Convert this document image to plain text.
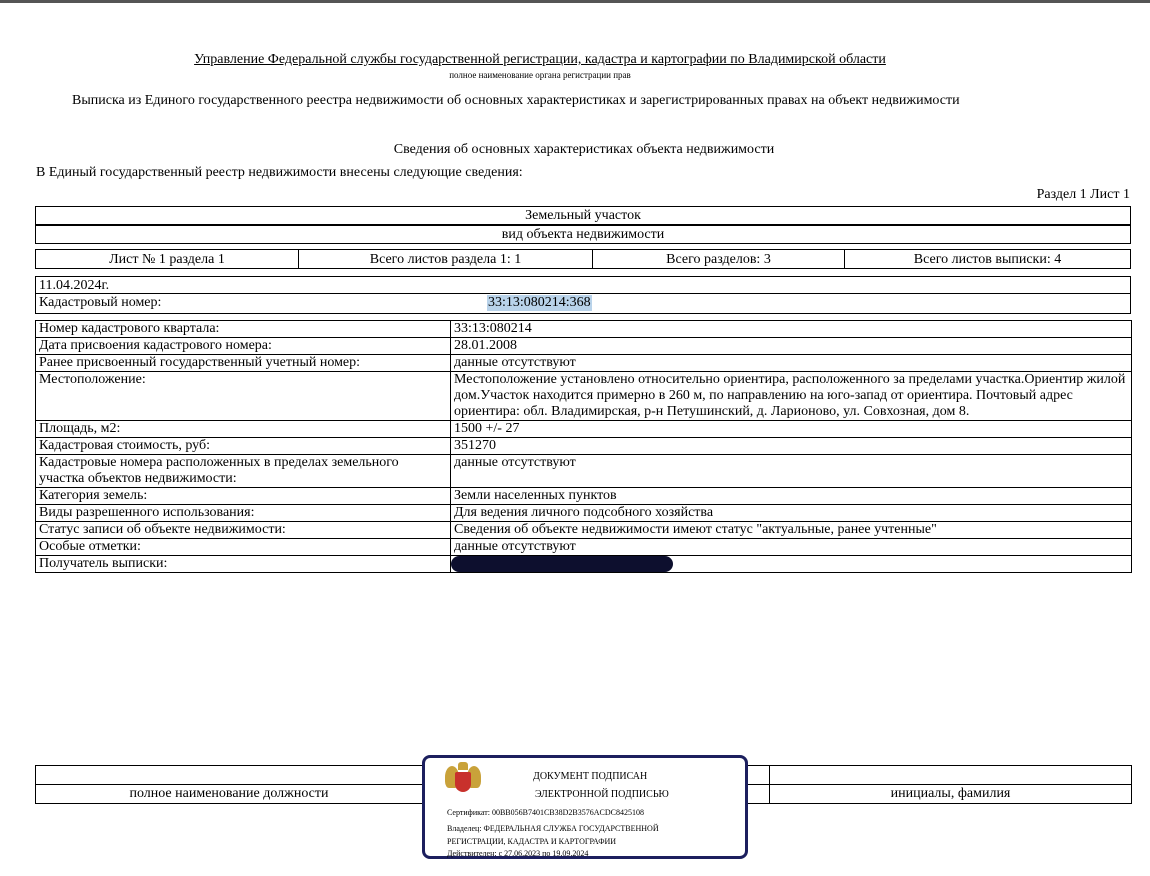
Управление Федеральной службы государственной регистрации, кадастра и картографии по Владимирской области
полное наименование органа регистрации прав
Выписка из Единого государственного реестра недвижимости об основных характеристиках и зарегистрированных правах на объект недвижимости
Сведения об основных характеристиках объекта недвижимости
В Единый государственный реестр недвижимости внесены следующие сведения:
Раздел 1 Лист 1
Земельный участок
вид объекта недвижимости
Лист № 1 раздела 1	Всего листов раздела 1: 1	Всего разделов: 3	Всего листов выписки: 4
11.04.2024г.
Кадастровый номер:	33:13:080214:368
Номер кадастрового квартала:	33:13:080214
Дата присвоения кадастрового номера:	28.01.2008
Ранее присвоенный государственный учетный номер:	данные отсутствуют
Местоположение:	Местоположение установлено относительно ориентира, расположенного за пределами участка.Ориентир жилой дом.Участок находится примерно в 260 м, по направлению на юго-запад от ориентира. Почтовый адрес ориентира: обл. Владимирская, р-н Петушинский, д. Ларионово, ул. Совхозная, дом 8.
Площадь, м2:	1500 +/- 27
Кадастровая стоимость, руб:	351270
Кадастровые номера расположенных в пределах земельного участка объектов недвижимости:	данные отсутствуют
Категория земель:	Земли населенных пунктов
Виды разрешенного использования:	Для ведения личного подсобного хозяйства
Статус записи об объекте недвижимости:	Сведения об объекте недвижимости имеют статус "актуальные, ранее учтенные"
Особые отметки:	данные отсутствуют
Получатель выписки:	

полное наименование должности		инициалы, фамилия
ДОКУМЕНТ ПОДПИСАН
ЭЛЕКТРОННОЙ ПОДПИСЬЮ
Сертификат: 00BB056B7401CB38D2B3576ACDC8425108
Владелец: ФЕДЕРАЛЬНАЯ СЛУЖБА ГОСУДАРСТВЕННОЙ
РЕГИСТРАЦИИ, КАДАСТРА И КАРТОГРАФИИ
Действителен: с 27.06.2023 по 19.09.2024
